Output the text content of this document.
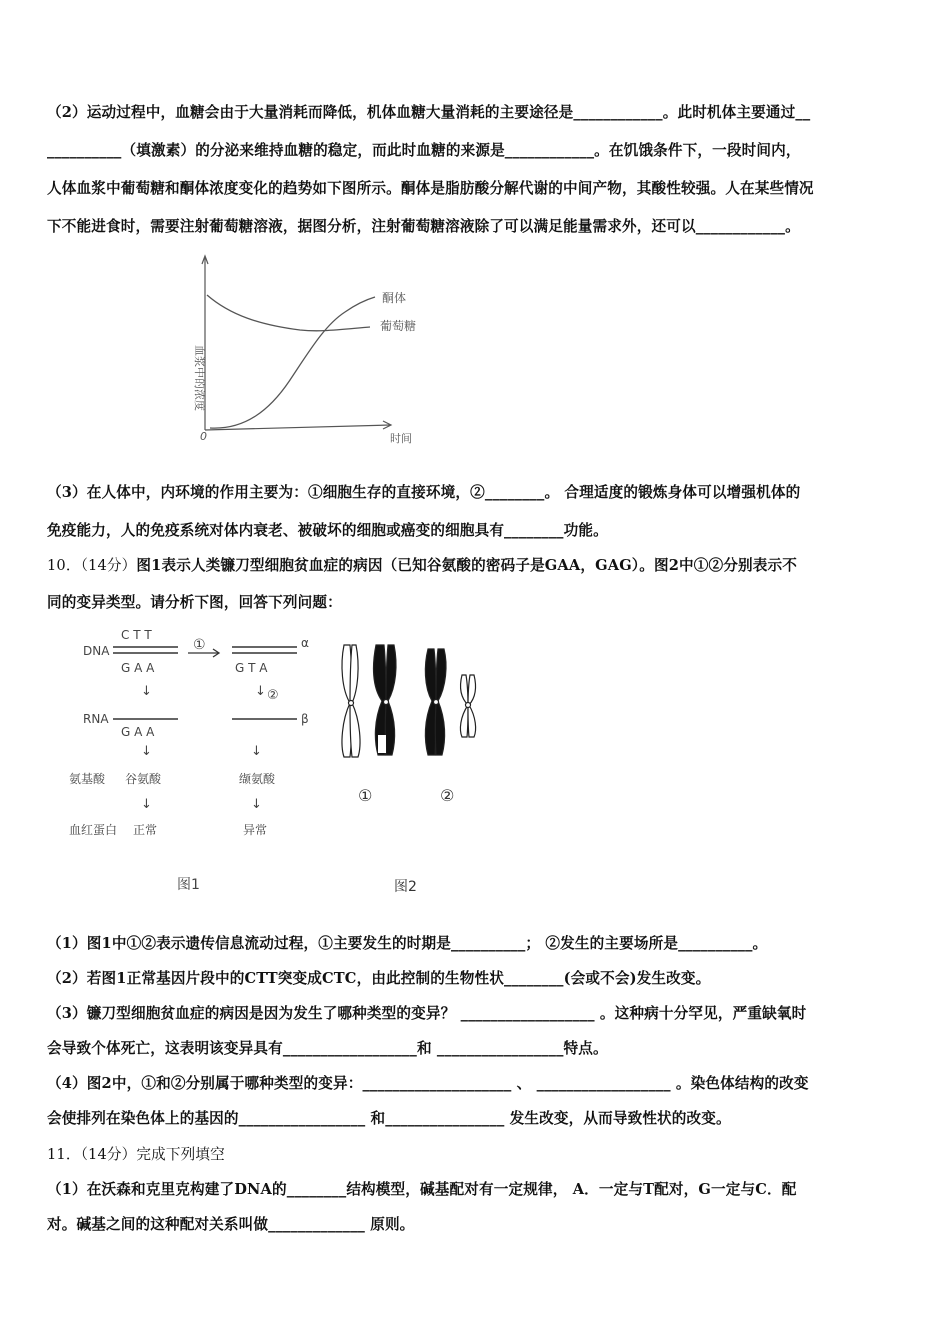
（2）运动过程中，血糖会由于大量消耗而降低，机体血糖大量消耗的主要途径是____________。此时机体主要通过__
__________（填激素）的分泌来维持血糖的稳定，而此时血糖的来源是____________。在饥饿条件下，一段时间内，
人体血浆中葡萄糖和酮体浓度变化的趋势如下图所示。酮体是脂肪酸分解代谢的中间产物，其酸性较强。人在某些情况
下不能进食时，需要注射葡萄糖溶液，据图分析，注射葡萄糖溶液除了可以满足能量需求外，还可以____________。
0
酮体
葡萄糖
时间
血浆中的浓度
（3）在人体中，内环境的作用主要为：①细胞生存的直接环境，②________。 合理适度的锻炼身体可以增强机体的
免疫能力，人的免疫系统对体内衰老、被破坏的细胞或癌变的细胞具有________功能。
10．（14分）图1表示人类镰刀型细胞贫血症的病因（已知谷氨酸的密码子是GAA，GAG）。图2中①②分别表示不
同的变异类型。请分析下图，回答下列问题：
DNA
RNA
氨基酸
血红蛋白
C T T
G A A
↓
G A A
↓
谷氨酸
↓
正常
①	α
G T A
↓ ②
β
↓
缬氨酸
↓
异常
图1
①	②
图2
（1）图1中①②表示遗传信息流动过程，①主要发生的时期是__________； ②发生的主要场所是__________。
（2）若图1正常基因片段中的CTT突变成CTC，由此控制的生物性状________(会或不会)发生改变。
（3）镰刀型细胞贫血症的病因是因为发生了哪种类型的变异？ __________________ 。这种病十分罕见，严重缺氧时
会导致个体死亡，这表明该变异具有__________________和 _________________特点。
（4）图2中，①和②分别属于哪种类型的变异：____________________ 、 __________________ 。染色体结构的改变
会使排列在染色体上的基因的_________________ 和________________ 发生改变，从而导致性状的改变。
11．（14分）完成下列填空
（1）在沃森和克里克构建了DNA的________结构模型，碱基配对有一定规律， A．一定与T配对，G一定与C．配
对。碱基之间的这种配对关系叫做_____________ 原则。
